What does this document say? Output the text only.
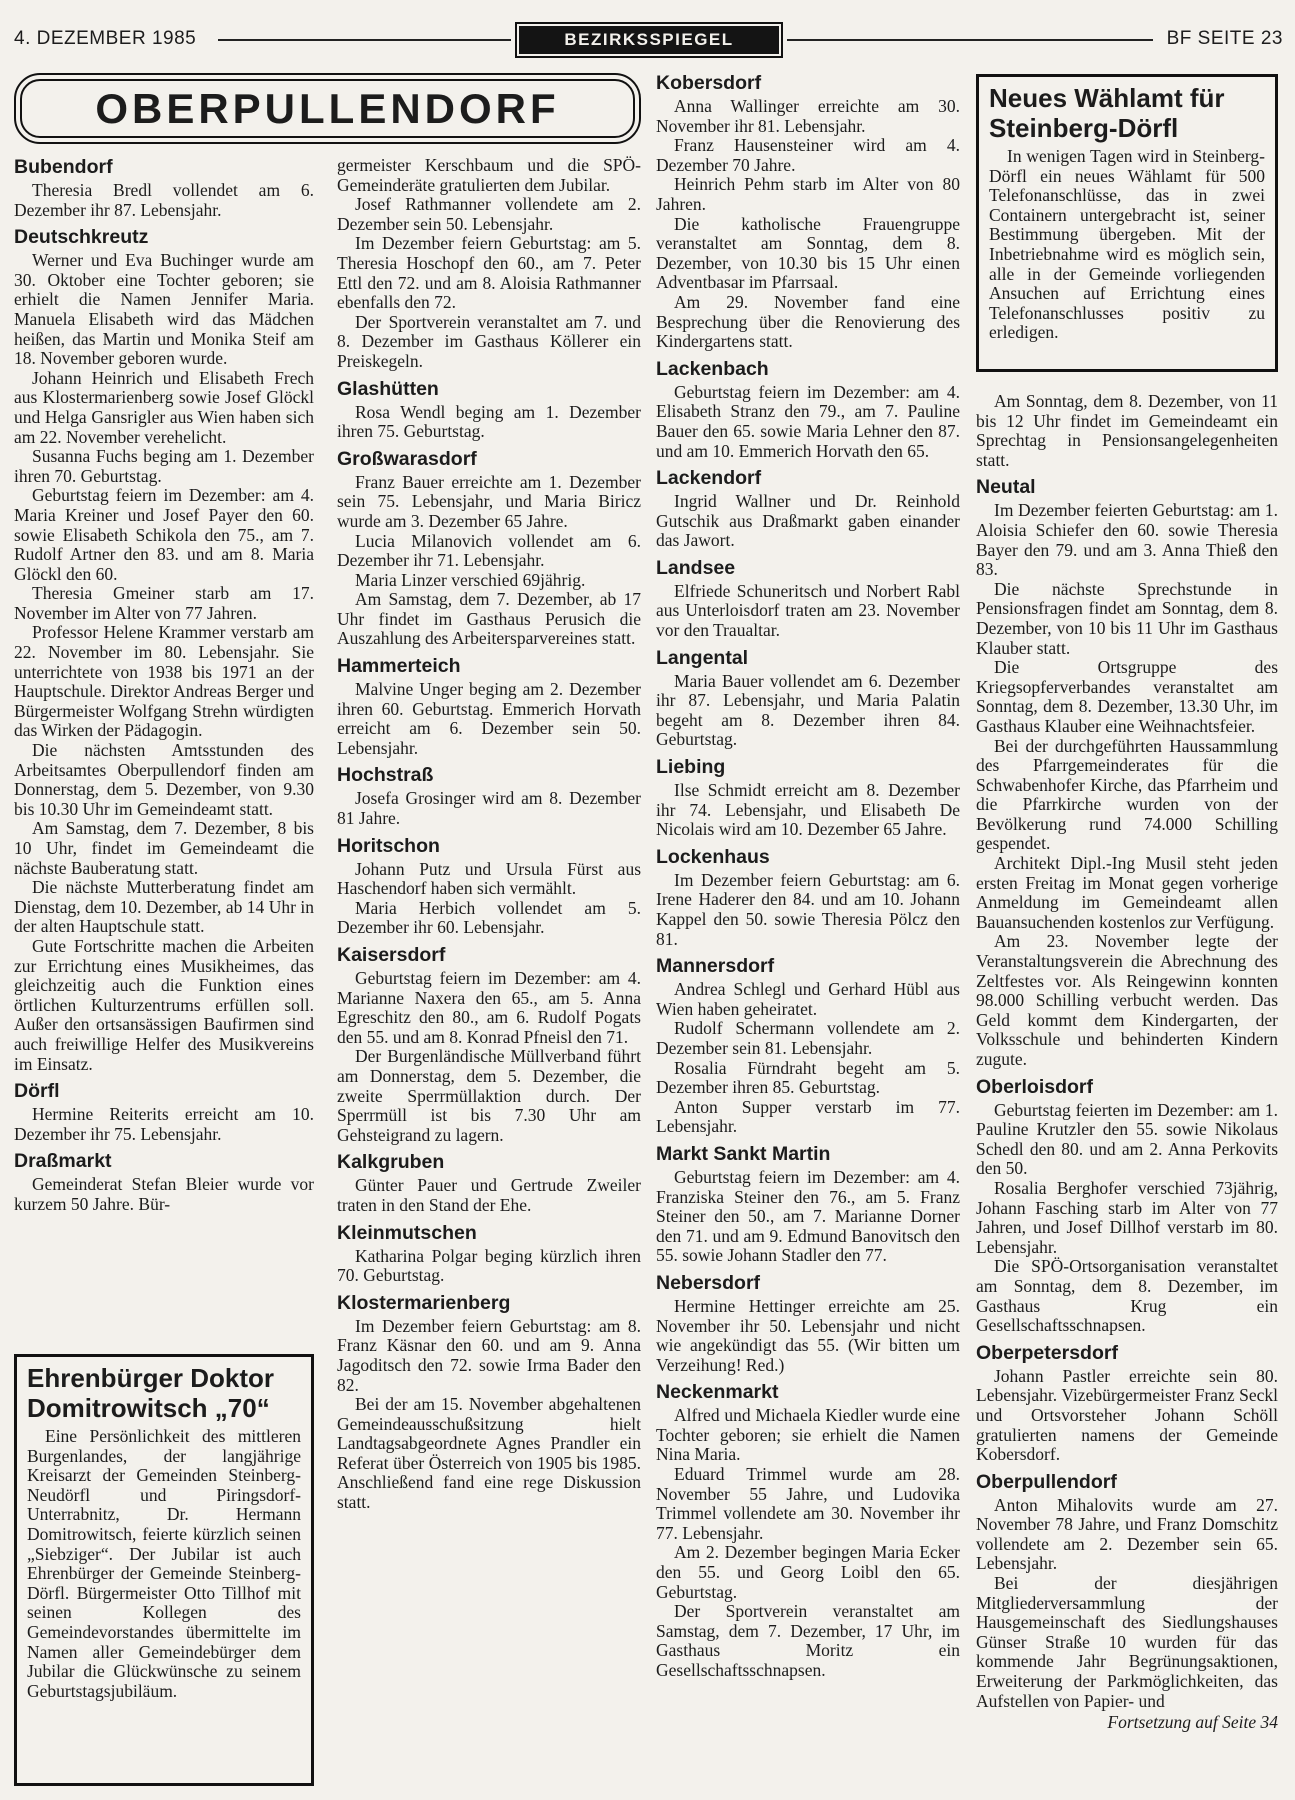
4. DEZEMBER 1985	BEZIRKSSPIEGEL	BF SEITE 23
OBERPULLENDORF
Bubendorf

Theresia Bredl vollendet am 6. Dezember ihr 87. Lebensjahr.

Deutschkreutz

Werner und Eva Buchinger wurde am 30. Oktober eine Tochter geboren; sie erhielt die Namen Jennifer Maria. Manuela Elisabeth wird das Mädchen heißen, das Martin und Monika Steif am 18. November geboren wurde.

Johann Heinrich und Elisabeth Frech aus Klostermarienberg sowie Josef Glöckl und Helga Gansrigler aus Wien haben sich am 22. November verehelicht.

Susanna Fuchs beging am 1. Dezember ihren 70. Geburtstag.

Geburtstag feiern im Dezember: am 4. Maria Kreiner und Josef Payer den 60. sowie Elisabeth Schikola den 75., am 7. Rudolf Artner den 83. und am 8. Maria Glöckl den 60.

Theresia Gmeiner starb am 17. November im Alter von 77 Jahren.

Professor Helene Krammer verstarb am 22. November im 80. Lebensjahr. Sie unterrichtete von 1938 bis 1971 an der Hauptschule. Direktor Andreas Berger und Bürgermeister Wolfgang Strehn würdigten das Wirken der Pädagogin.

Die nächsten Amtsstunden des Arbeitsamtes Oberpullendorf finden am Donnerstag, dem 5. Dezember, von 9.30 bis 10.30 Uhr im Gemeindeamt statt.

Am Samstag, dem 7. Dezember, 8 bis 10 Uhr, findet im Gemeindeamt die nächste Bauberatung statt.

Die nächste Mutterberatung findet am Dienstag, dem 10. Dezember, ab 14 Uhr in der alten Hauptschule statt.

Gute Fortschritte machen die Arbeiten zur Errichtung eines Musikheimes, das gleichzeitig auch die Funktion eines örtlichen Kulturzentrums erfüllen soll. Außer den ortsansässigen Baufirmen sind auch freiwillige Helfer des Musikvereins im Einsatz.

Dörfl

Hermine Reiterits erreicht am 10. Dezember ihr 75. Lebensjahr.

Draßmarkt

Gemeinderat Stefan Bleier wurde vor kurzem 50 Jahre. Bür-

Ehrenbürger Doktor Domitrowitsch „70“

Eine Persönlichkeit des mittleren Burgenlandes, der langjährige Kreisarzt der Gemeinden Steinberg-Neudörfl und Piringsdorf-Unterrabnitz, Dr. Hermann Domitrowitsch, feierte kürzlich seinen „Siebziger“. Der Jubilar ist auch Ehrenbürger der Gemeinde Steinberg-Dörfl. Bürgermeister Otto Tillhof mit seinen Kollegen des Gemeindevorstandes übermittelte im Namen aller Gemeindebürger dem Jubilar die Glückwünsche zu seinem Geburtstagsjubiläum.

germeister Kerschbaum und die SPÖ-Gemeinderäte gratulierten dem Jubilar.

Josef Rathmanner vollendete am 2. Dezember sein 50. Lebensjahr.

Im Dezember feiern Geburtstag: am 5. Theresia Hoschopf den 60., am 7. Peter Ettl den 72. und am 8. Aloisia Rathmanner ebenfalls den 72.

Der Sportverein veranstaltet am 7. und 8. Dezember im Gasthaus Köllerer ein Preiskegeln.

Glashütten

Rosa Wendl beging am 1. Dezember ihren 75. Geburtstag.

Großwarasdorf

Franz Bauer erreichte am 1. Dezember sein 75. Lebensjahr, und Maria Biricz wurde am 3. Dezember 65 Jahre.

Lucia Milanovich vollendet am 6. Dezember ihr 71. Lebensjahr.

Maria Linzer verschied 69jährig.

Am Samstag, dem 7. Dezember, ab 17 Uhr findet im Gasthaus Perusich die Auszahlung des Arbeitersparvereines statt.

Hammerteich

Malvine Unger beging am 2. Dezember ihren 60. Geburtstag. Emmerich Horvath erreicht am 6. Dezember sein 50. Lebensjahr.

Hochstraß

Josefa Grosinger wird am 8. Dezember 81 Jahre.

Horitschon

Johann Putz und Ursula Fürst aus Haschendorf haben sich vermählt.

Maria Herbich vollendet am 5. Dezember ihr 60. Lebensjahr.

Kaisersdorf

Geburtstag feiern im Dezember: am 4. Marianne Naxera den 65., am 5. Anna Egreschitz den 80., am 6. Rudolf Pogats den 55. und am 8. Konrad Pfneisl den 71.

Der Burgenländische Müllverband führt am Donnerstag, dem 5. Dezember, die zweite Sperrmüllaktion durch. Der Sperrmüll ist bis 7.30 Uhr am Gehsteigrand zu lagern.

Kalkgruben

Günter Pauer und Gertrude Zweiler traten in den Stand der Ehe.

Kleinmutschen

Katharina Polgar beging kürzlich ihren 70. Geburtstag.

Klostermarienberg

Im Dezember feiern Geburtstag: am 8. Franz Käsnar den 60. und am 9. Anna Jagoditsch den 72. sowie Irma Bader den 82.

Bei der am 15. November abgehaltenen Gemeindeausschußsitzung hielt Landtagsabgeordnete Agnes Prandler ein Referat über Österreich von 1905 bis 1985. Anschließend fand eine rege Diskussion statt.

Kobersdorf

Anna Wallinger erreichte am 30. November ihr 81. Lebensjahr.

Franz Hausensteiner wird am 4. Dezember 70 Jahre.

Heinrich Pehm starb im Alter von 80 Jahren.

Die katholische Frauengruppe veranstaltet am Sonntag, dem 8. Dezember, von 10.30 bis 15 Uhr einen Adventbasar im Pfarrsaal.

Am 29. November fand eine Besprechung über die Renovierung des Kindergartens statt.

Lackenbach

Geburtstag feiern im Dezember: am 4. Elisabeth Stranz den 79., am 7. Pauline Bauer den 65. sowie Maria Lehner den 87. und am 10. Emmerich Horvath den 65.

Lackendorf

Ingrid Wallner und Dr. Reinhold Gutschik aus Draßmarkt gaben einander das Jawort.

Landsee

Elfriede Schuneritsch und Norbert Rabl aus Unterloisdorf traten am 23. November vor den Traualtar.

Langental

Maria Bauer vollendet am 6. Dezember ihr 87. Lebensjahr, und Maria Palatin begeht am 8. Dezember ihren 84. Geburtstag.

Liebing

Ilse Schmidt erreicht am 8. Dezember ihr 74. Lebensjahr, und Elisabeth De Nicolais wird am 10. Dezember 65 Jahre.

Lockenhaus

Im Dezember feiern Geburtstag: am 6. Irene Haderer den 84. und am 10. Johann Kappel den 50. sowie Theresia Pölcz den 81.

Mannersdorf

Andrea Schlegl und Gerhard Hübl aus Wien haben geheiratet.

Rudolf Schermann vollendete am 2. Dezember sein 81. Lebensjahr.

Rosalia Fürndraht begeht am 5. Dezember ihren 85. Geburtstag.

Anton Supper verstarb im 77. Lebensjahr.

Markt Sankt Martin

Geburtstag feiern im Dezember: am 4. Franziska Steiner den 76., am 5. Franz Steiner den 50., am 7. Marianne Dorner den 71. und am 9. Edmund Banovitsch den 55. sowie Johann Stadler den 77.

Nebersdorf

Hermine Hettinger erreichte am 25. November ihr 50. Lebensjahr und nicht wie angekündigt das 55. (Wir bitten um Verzeihung! Red.)

Neckenmarkt

Alfred und Michaela Kiedler wurde eine Tochter geboren; sie erhielt die Namen Nina Maria.

Eduard Trimmel wurde am 28. November 55 Jahre, und Ludovika Trimmel vollendete am 30. November ihr 77. Lebensjahr.

Am 2. Dezember begingen Maria Ecker den 55. und Georg Loibl den 65. Geburtstag.

Der Sportverein veranstaltet am Samstag, dem 7. Dezember, 17 Uhr, im Gasthaus Moritz ein Gesellschaftsschnapsen.

Neues Wählamt für Steinberg-Dörfl

In wenigen Tagen wird in Steinberg-Dörfl ein neues Wählamt für 500 Telefonanschlüsse, das in zwei Containern untergebracht ist, seiner Bestimmung übergeben. Mit der Inbetriebnahme wird es möglich sein, alle in der Gemeinde vorliegenden Ansuchen auf Errichtung eines Telefonanschlusses positiv zu erledigen.

Am Sonntag, dem 8. Dezember, von 11 bis 12 Uhr findet im Gemeindeamt ein Sprechtag in Pensionsangelegenheiten statt.

Neutal

Im Dezember feierten Geburtstag: am 1. Aloisia Schiefer den 60. sowie Theresia Bayer den 79. und am 3. Anna Thieß den 83.

Die nächste Sprechstunde in Pensionsfragen findet am Sonntag, dem 8. Dezember, von 10 bis 11 Uhr im Gasthaus Klauber statt.

Die Ortsgruppe des Kriegsopferverbandes veranstaltet am Sonntag, dem 8. Dezember, 13.30 Uhr, im Gasthaus Klauber eine Weihnachtsfeier.

Bei der durchgeführten Haussammlung des Pfarrgemeinderates für die Schwabenhofer Kirche, das Pfarrheim und die Pfarrkirche wurden von der Bevölkerung rund 74.000 Schilling gespendet.

Architekt Dipl.-Ing Musil steht jeden ersten Freitag im Monat gegen vorherige Anmeldung im Gemeindeamt allen Bauansuchenden kostenlos zur Verfügung.

Am 23. November legte der Veranstaltungsverein die Abrechnung des Zeltfestes vor. Als Reingewinn konnten 98.000 Schilling verbucht werden. Das Geld kommt dem Kindergarten, der Volksschule und behinderten Kindern zugute.

Oberloisdorf

Geburtstag feierten im Dezember: am 1. Pauline Krutzler den 55. sowie Nikolaus Schedl den 80. und am 2. Anna Perkovits den 50.

Rosalia Berghofer verschied 73jährig, Johann Fasching starb im Alter von 77 Jahren, und Josef Dillhof verstarb im 80. Lebensjahr.

Die SPÖ-Ortsorganisation veranstaltet am Sonntag, dem 8. Dezember, im Gasthaus Krug ein Gesellschaftsschnapsen.

Oberpetersdorf

Johann Pastler erreichte sein 80. Lebensjahr. Vizebürgermeister Franz Seckl und Ortsvorsteher Johann Schöll gratulierten namens der Gemeinde Kobersdorf.

Oberpullendorf

Anton Mihalovits wurde am 27. November 78 Jahre, und Franz Domschitz vollendete am 2. Dezember sein 65. Lebensjahr.

Bei der diesjährigen Mitgliederversammlung der Hausgemeinschaft des Siedlungshauses Günser Straße 10 wurden für das kommende Jahr Begrünungsaktionen, Erweiterung der Parkmöglichkeiten, das Aufstellen von Papier- und

Fortsetzung auf Seite 34
